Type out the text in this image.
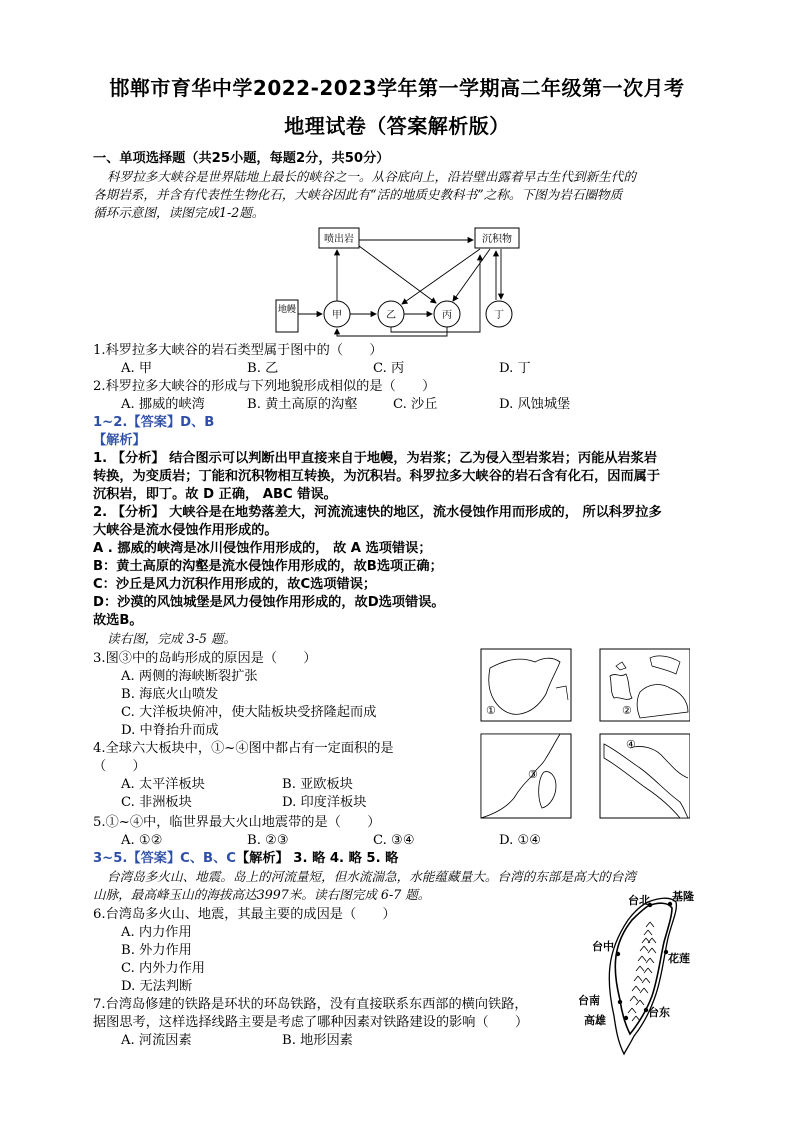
邯郸市育华中学2022-2023学年第一学期高二年级第一次月考
地理试卷（答案解析版）
一、单项选择题（共25小题，每题2分，共50分）
科罗拉多大峡谷是世界陆地上最长的峡谷之一。从谷底向上，沿岩壁出露着早古生代到新生代的
各期岩系，并含有代表性生物化石，大峡谷因此有“活的地质史教科书”之称。下图为岩石圈物质
循环示意图，读图完成1-2题。
喷出岩	沉积物
地幔	甲	乙	丙	丁
1.科罗拉多大峡谷的岩石类型属于图中的（　　）
A. 甲	B. 乙	C. 丙	D. 丁
2.科罗拉多大峡谷的形成与下列地貌形成相似的是（　　）
A. 挪威的峡湾	B. 黄土高原的沟壑	C. 沙丘	D. 风蚀城堡
1~2.【答案】D、B
【解析】
1. 【分析】 结合图示可以判断出甲直接来自于地幔，为岩浆；乙为侵入型岩浆岩；丙能从岩浆岩
转换，为变质岩；丁能和沉积物相互转换，为沉积岩。科罗拉多大峡谷的岩石含有化石，因而属于
沉积岩，即丁。故 D 正确， ABC 错误。
2. 【分析】 大峡谷是在地势落差大，河流流速快的地区，流水侵蚀作用而形成的， 所以科罗拉多
大峡谷是流水侵蚀作用形成的。
A . 挪威的峡湾是冰川侵蚀作用形成的， 故 A 选项错误；
B：黄土高原的沟壑是流水侵蚀作用形成的，故B选项正确；
C：沙丘是风力沉积作用形成的，故C选项错误；
D：沙漠的风蚀城堡是风力侵蚀作用形成的，故D选项错误。
故选B。
读右图，完成 3-5 题。
3.图③中的岛屿形成的原因是（　　）
A. 两侧的海峡断裂扩张
B. 海底火山喷发
C. 大洋板块俯冲，使大陆板块受挤隆起而成
D. 中脊抬升而成
4.全球六大板块中，①~④图中都占有一定面积的是
（　　）
A. 太平洋板块	B. 亚欧板块
C. 非洲板块	D. 印度洋板块
5.①~④中，临世界最大火山地震带的是（　　）
A. ①②	B. ②③	C. ③④	D. ①④
3~5.【答案】C、B、C【解析】 3. 略 4. 略 5. 略
①	②
③
④
台湾岛多火山、地震。岛上的河流量短，但水流湍急，水能蕴藏量大。台湾的东部是高大的台湾
山脉，最高峰玉山的海拔高达3997米。读右图完成 6-7 题。
6.台湾岛多火山、地震，其最主要的成因是（　　）
A. 内力作用
B. 外力作用
C. 内外力作用
D. 无法判断
7.台湾岛修建的铁路是环状的环岛铁路，没有直接联系东西部的横向铁路，
据图思考，这样选择线路主要是考虑了哪种因素对铁路建设的影响（　　）
A. 河流因素	B. 地形因素
台北 基隆
台中
花莲
台南
台东
高雄
